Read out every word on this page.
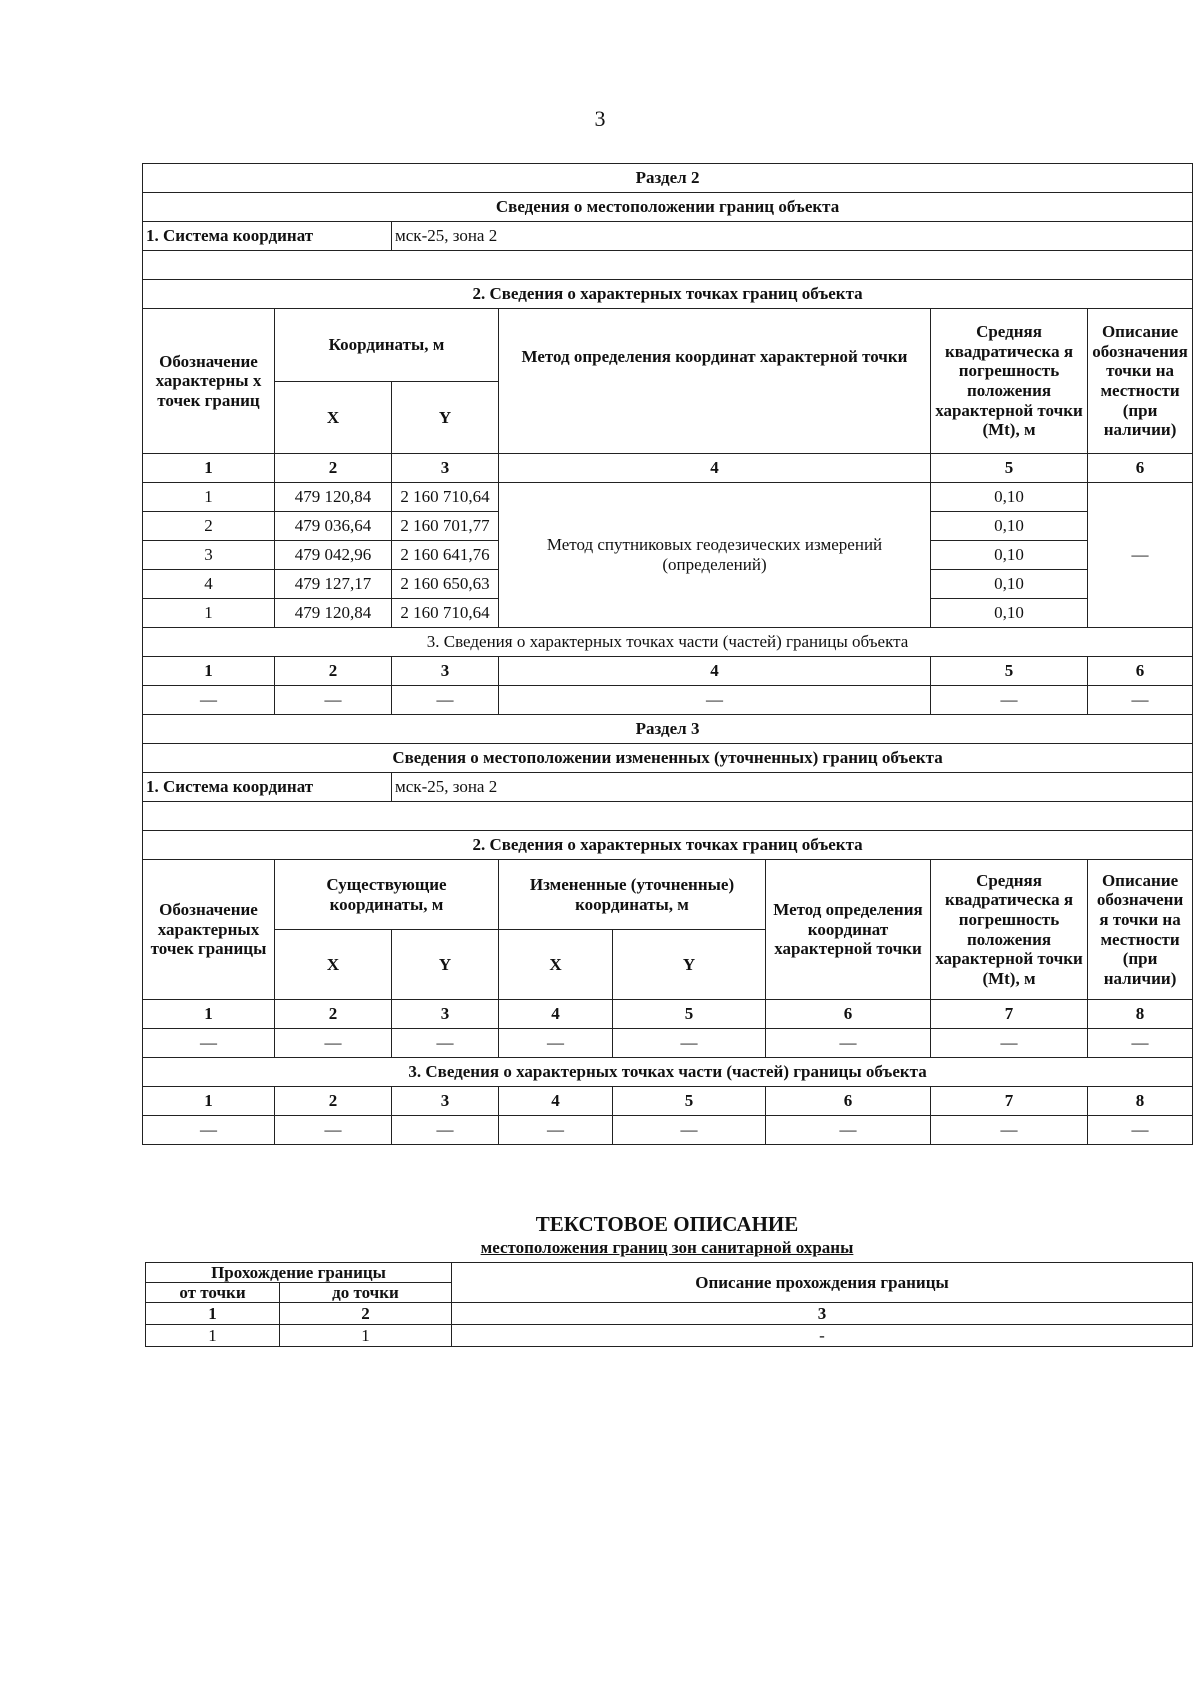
3
Раздел 2							
Сведения о местоположении границ объекта							
1. Система координат		мск-25, зона 2					

2. Сведения о характерных точках границ объекта							
Обозначение характерны х точек границ	Координаты, м		Метод определения координат характерной точки			Средняя квадратическа я погрешность положения характерной точки (Mt), м	Описание обозначения точки на местности (при наличии)
	X	Y					
1	2	3	4			5	6
1	479 120,84	2 160 710,64	Метод спутниковых геодезических измерений (определений)			0,10	—
2	479 036,64	2 160 701,77				0,10	
3	479 042,96	2 160 641,76				0,10	
4	479 127,17	2 160 650,63				0,10	
1	479 120,84	2 160 710,64				0,10	
3. Сведения о характерных точках части (частей) границы объекта							
1	2	3	4			5	6
—	—	—	—			—	—
Раздел 3							
Сведения о местоположении измененных (уточненных) границ объекта							
1. Система координат		мск-25, зона 2					

2. Сведения о характерных точках границ объекта							
Обозначение характерных точек границы	Существующие координаты, м		Измененные (уточненные) координаты, м		Метод определения координат характерной точки	Средняя квадратическа я погрешность положения характерной точки (Mt), м	Описание обозначени я точки на местности (при наличии)
	X	Y	X	Y			
1	2	3	4	5	6	7	8
—	—	—	—	—	—	—	—
3. Сведения о характерных точках части (частей) границы объекта							
1	2	3	4	5	6	7	8
—	—	—	—	—	—	—	—
ТЕКСТОВОЕ ОПИСАНИЕ
местоположения границ зон санитарной охраны
Прохождение границы		Описание прохождения границы
от точки	до точки	
1	2	3
1	1	-
